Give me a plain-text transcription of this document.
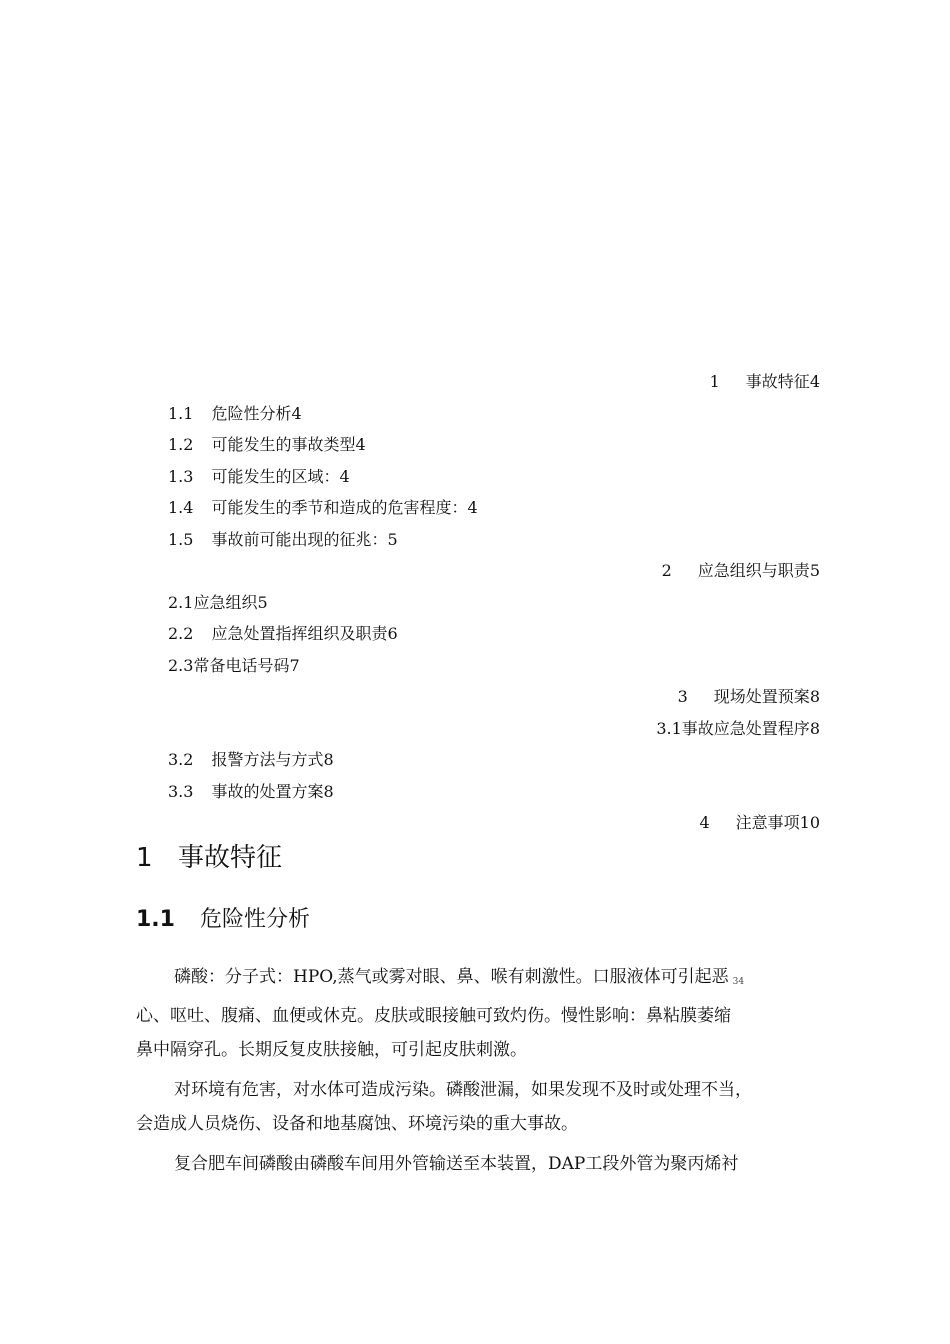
1 事故特征4
1.1 危险性分析4
1.2 可能发生的事故类型4
1.3 可能发生的区域：4
1.4 可能发生的季节和造成的危害程度：4
1.5 事故前可能出现的征兆：5
2 应急组织与职责5
2.1应急组织5
2.2 应急处置指挥组织及职责6
2.3常备电话号码7
3 现场处置预案8
3.1事故应急处置程序8
3.2 报警方法与方式8
3.3 事故的处置方案8
4 注意事项10
1 事故特征
1.1 危险性分析
磷酸：分子式：HPO,蒸气或雾对眼、鼻、喉有刺激性。口服液体可引起恶 $_{34}$
心、呕吐、腹痛、血便或休克。皮肤或眼接触可致灼伤。慢性影响：鼻粘膜萎缩
鼻中隔穿孔。长期反复皮肤接触，可引起皮肤刺激。
对环境有危害，对水体可造成污染。磷酸泄漏，如果发现不及时或处理不当，
会造成人员烧伤、设备和地基腐蚀、环境污染的重大事故。
复合肥车间磷酸由磷酸车间用外管输送至本装置，DAP工段外管为聚丙烯衬
